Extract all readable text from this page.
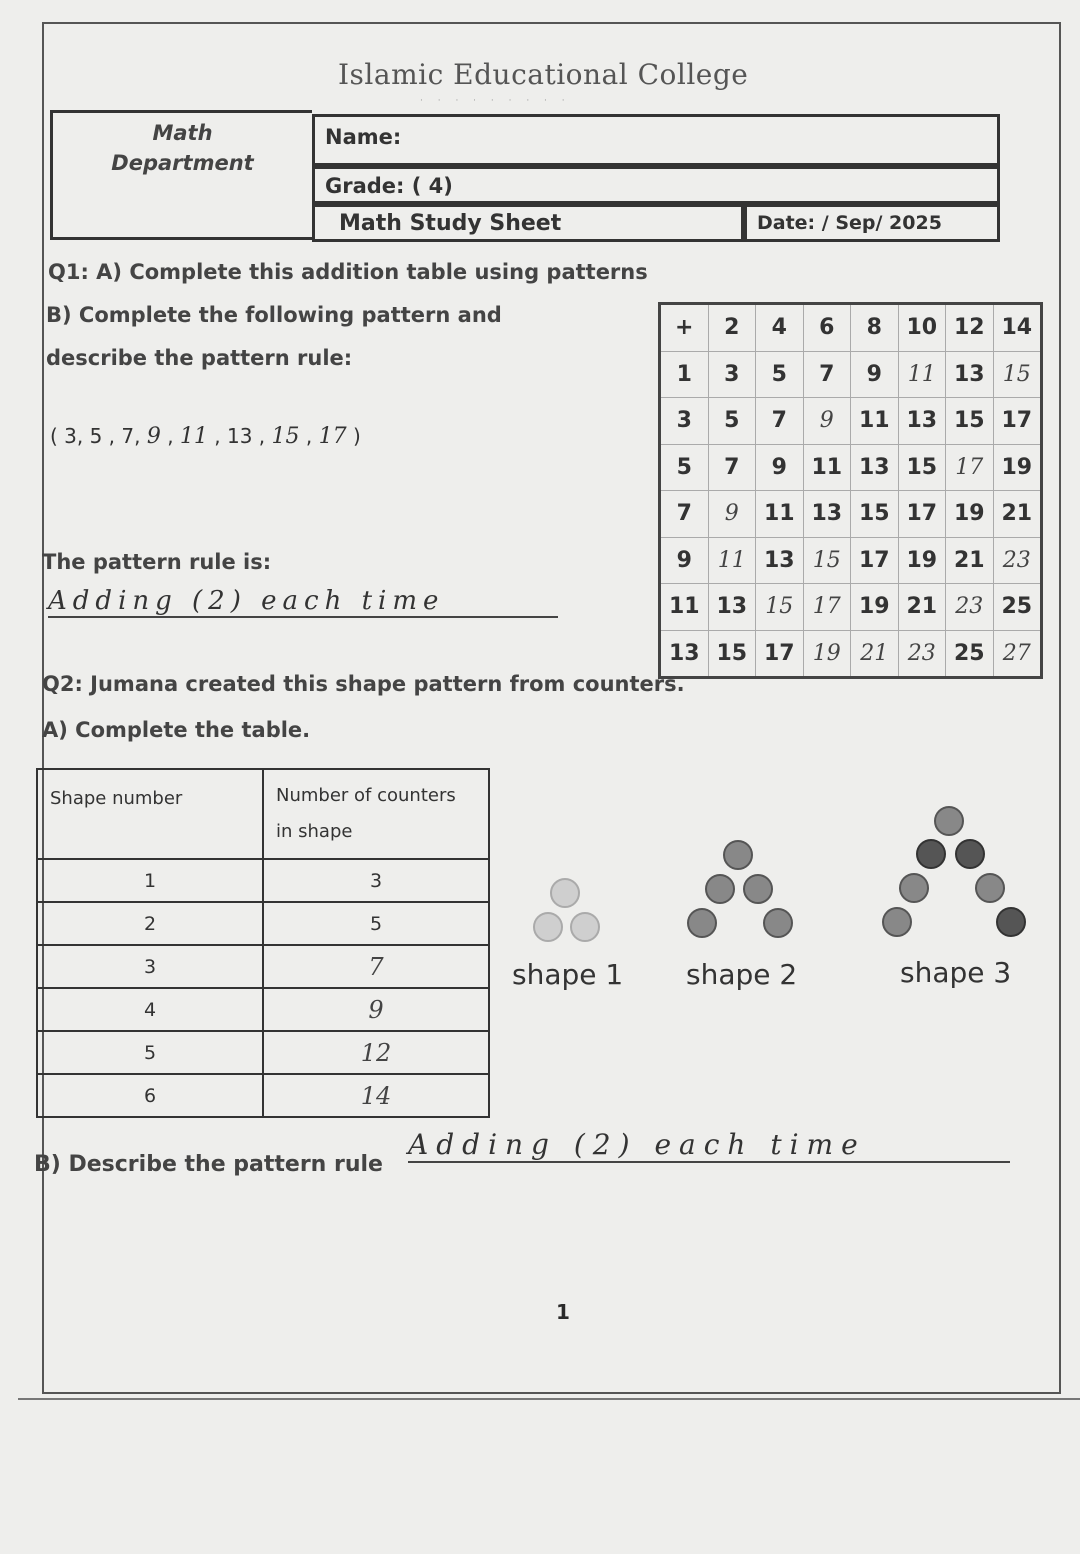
Islamic Educational College
· · · · · · · · ·
Math
Department
Name:
Grade: ( 4)
Math Study Sheet	Date: / Sep/ 2025
Q1: A) Complete this addition table using patterns
B) Complete the following pattern and
describe the pattern rule:
( 3, 5 , 7, 9 , 11 , 13 , 15 , 17 )
The pattern rule is:
Adding (2) each time
+	2	4	6	8	10	12	14
1	3	5	7	9	11	13	15
3	5	7	9	11	13	15	17
5	7	9	11	13	15	17	19
7	9	11	13	15	17	19	21
9	11	13	15	17	19	21	23
11	13	15	17	19	21	23	25
13	15	17	19	21	23	25	27
Q2: Jumana created this shape pattern from counters.
A) Complete the table.
Shape number	Number of counters
in shape

1	3
2	5
3	7
4	9
5	12
6	14
shape 1 shape 2	shape 3
B) Describe the pattern rule
Adding (2) each time
1
